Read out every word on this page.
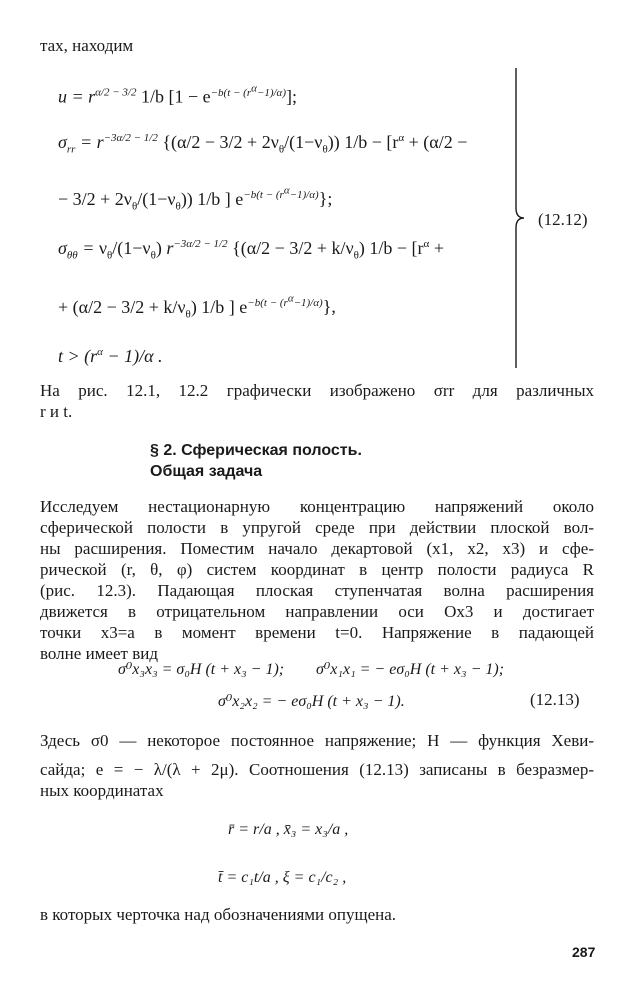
тах, находим
$u = r^{\alpha/2 - 3/2}$ 1/b $[1 - e^{-b(t - (r^\alpha-1)/\alpha)}]$;
$\sigma_{rr} = r^{-3\alpha/2 - 1/2}$ {$(\alpha/2 - 3/2 + 2\nu_\theta/(1-\nu_\theta))$ $1/b - [r^\alpha + (\alpha/2$ −
− $3/2 + 2\nu_\theta/(1-\nu_\theta)$) 1/b ] $e^{-b(t - (r^\alpha-1)/\alpha)}$};
$\sigma_{\theta\theta} = \nu_\theta/(1-\nu_\theta)$ $r^{-3\alpha/2 - 1/2}$ {$(\alpha/2 - 3/2 + k/\nu_\theta)$ $1/b - [r^\alpha$ +
+ $(\alpha/2 - 3/2 + k/\nu_\theta)$ 1/b ] $e^{-b(t - (r^\alpha-1)/\alpha)}$},
$t > (r^\alpha - 1)/\alpha$ .
(12.12)
На рис. 12.1, 12.2 графически изображено σrr для различных
r и t.
§ 2. Сферическая полость.
Общая задача
Исследуем нестационарную концентрацию напряжений около
сферической полости в упругой среде при действии плоской вол-
ны расширения. Поместим начало декартовой (x1, x2, x3) и сфе-
рической (r, θ, φ) систем координат в центр полости радиуса R
(рис. 12.3). Падающая плоская ступенчатая волна расширения
движется в отрицательном направлении оси Ox3 и достигает
точки x3=a в момент времени t=0. Напряжение в падающей
волне имеет вид
σ⁰x₃x₃ = σ₀H (t + x₃ − 1); σ⁰x₁x₁ = − eσ₀H (t + x₃ − 1);
σ⁰x₂x₂ = − eσ₀H (t + x₃ − 1).	(12.13)
Здесь σ0 — некоторое постоянное напряжение; H — функция Хеви-
сайда; e = − λ/(λ + 2μ). Соотношения (12.13) записаны в безразмер-
ных координатах
r̄ = r/a , x̄₃ = x₃/a ,
t̄ = c₁t/a , ξ = c₁/c₂ ,
в которых черточка над обозначениями опущена.
287
